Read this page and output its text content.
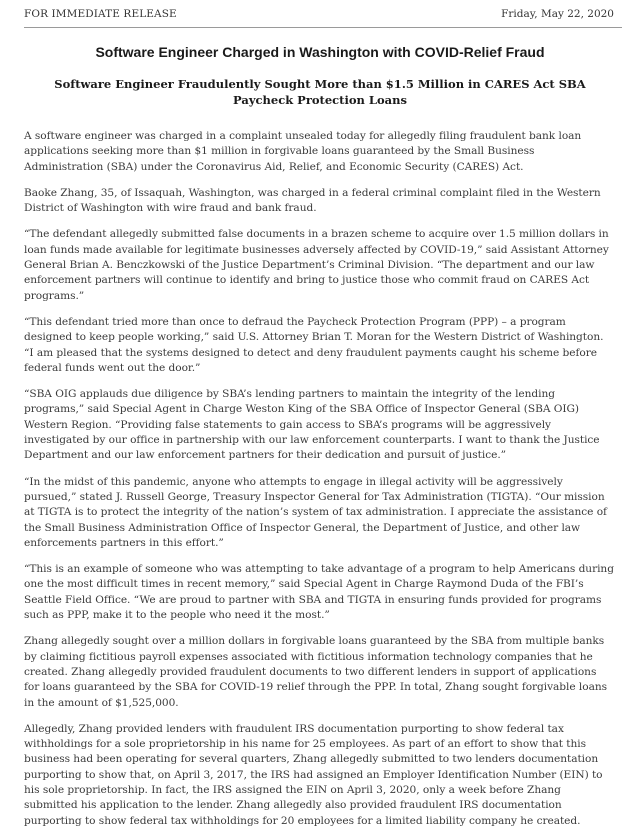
FOR IMMEDIATE RELEASE	Friday, May 22, 2020
Software Engineer Charged in Washington with COVID-Relief Fraud
Software Engineer Fraudulently Sought More than $1.5 Million in CARES Act SBA Paycheck Protection Loans

A software engineer was charged in a complaint unsealed today for allegedly filing fraudulent bank loan applications seeking more than $1 million in forgivable loans guaranteed by the Small Business Administration (SBA) under the Coronavirus Aid, Relief, and Economic Security (CARES) Act.

Baoke Zhang, 35, of Issaquah, Washington, was charged in a federal criminal complaint filed in the Western District of Washington with wire fraud and bank fraud.

“The defendant allegedly submitted false documents in a brazen scheme to acquire over 1.5 million dollars in loan funds made available for legitimate businesses adversely affected by COVID-19,” said Assistant Attorney General Brian A. Benczkowski of the Justice Department’s Criminal Division. “The department and our law enforcement partners will continue to identify and bring to justice those who commit fraud on CARES Act programs.”

“This defendant tried more than once to defraud the Paycheck Protection Program (PPP) – a program designed to keep people working,” said U.S. Attorney Brian T. Moran for the Western District of Washington. “I am pleased that the systems designed to detect and deny fraudulent payments caught his scheme before federal funds went out the door.”

“SBA OIG applauds due diligence by SBA’s lending partners to maintain the integrity of the lending programs,” said Special Agent in Charge Weston King of the SBA Office of Inspector General (SBA OIG) Western Region. “Providing false statements to gain access to SBA’s programs will be aggressively investigated by our office in partnership with our law enforcement counterparts. I want to thank the Justice Department and our law enforcement partners for their dedication and pursuit of justice.”

“In the midst of this pandemic, anyone who attempts to engage in illegal activity will be aggressively pursued,” stated J. Russell George, Treasury Inspector General for Tax Administration (TIGTA). “Our mission at TIGTA is to protect the integrity of the nation’s system of tax administration. I appreciate the assistance of the Small Business Administration Office of Inspector General, the Department of Justice, and other law enforcements partners in this effort.”

“This is an example of someone who was attempting to take advantage of a program to help Americans during one the most difficult times in recent memory,” said Special Agent in Charge Raymond Duda of the FBI’s Seattle Field Office. “We are proud to partner with SBA and TIGTA in ensuring funds provided for programs such as PPP, make it to the people who need it the most.”

Zhang allegedly sought over a million dollars in forgivable loans guaranteed by the SBA from multiple banks by claiming fictitious payroll expenses associated with fictitious information technology companies that he created. Zhang allegedly provided fraudulent documents to two different lenders in support of applications for loans guaranteed by the SBA for COVID-19 relief through the PPP. In total, Zhang sought forgivable loans in the amount of $1,525,000.

Allegedly, Zhang provided lenders with fraudulent IRS documentation purporting to show federal tax withholdings for a sole proprietorship in his name for 25 employees. As part of an effort to show that this business had been operating for several quarters, Zhang allegedly submitted to two lenders documentation purporting to show that, on April 3, 2017, the IRS had assigned an Employer Identification Number (EIN) to his sole proprietorship. In fact, the IRS assigned the EIN on April 3, 2020, only a week before Zhang submitted his application to the lender. Zhang allegedly also provided fraudulent IRS documentation purporting to show federal tax withholdings for 20 employees for a limited liability company he created.
